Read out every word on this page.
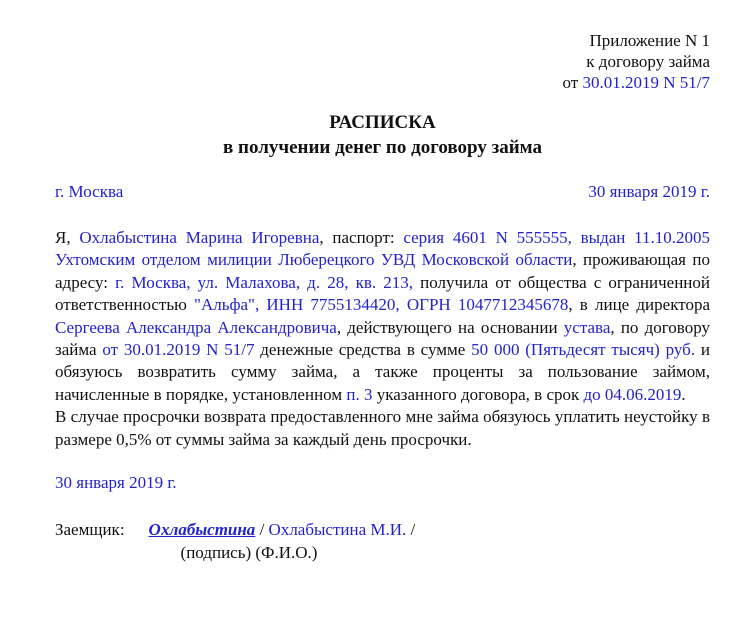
Приложение N 1
к договору займа
от 30.01.2019 N 51/7
РАСПИСКА
в получении денег по договору займа
г. Москва	30 января 2019 г.

Я, Охлабыстина Марина Игоревна, паспорт: серия 4601 N 555555, выдан 11.10.2005 Ухтомским отделом милиции Люберецкого УВД Московской области, проживающая по адресу: г. Москва, ул. Малахова, д. 28, кв. 213, получила от общества с ограниченной ответственностью "Альфа", ИНН 7755134420, ОГРН 1047712345678, в лице директора Сергеева Александра Александровича, действующего на основании устава, по договору займа от 30.01.2019 N 51/7 денежные средства в сумме 50 000 (Пятьдесят тысяч) руб. и обязуюсь возвратить сумму займа, а также проценты за пользование займом, начисленные в порядке, установленном п. 3 указанного договора, в срок до 04.06.2019.

В случае просрочки возврата предоставленного мне займа обязуюсь уплатить неустойку в размере 0,5% от суммы займа за каждый день просрочки.

30 января 2019 г.
Заемщик: Охлабыстина / Охлабыстина М.И. /
(подпись) (Ф.И.О.)
